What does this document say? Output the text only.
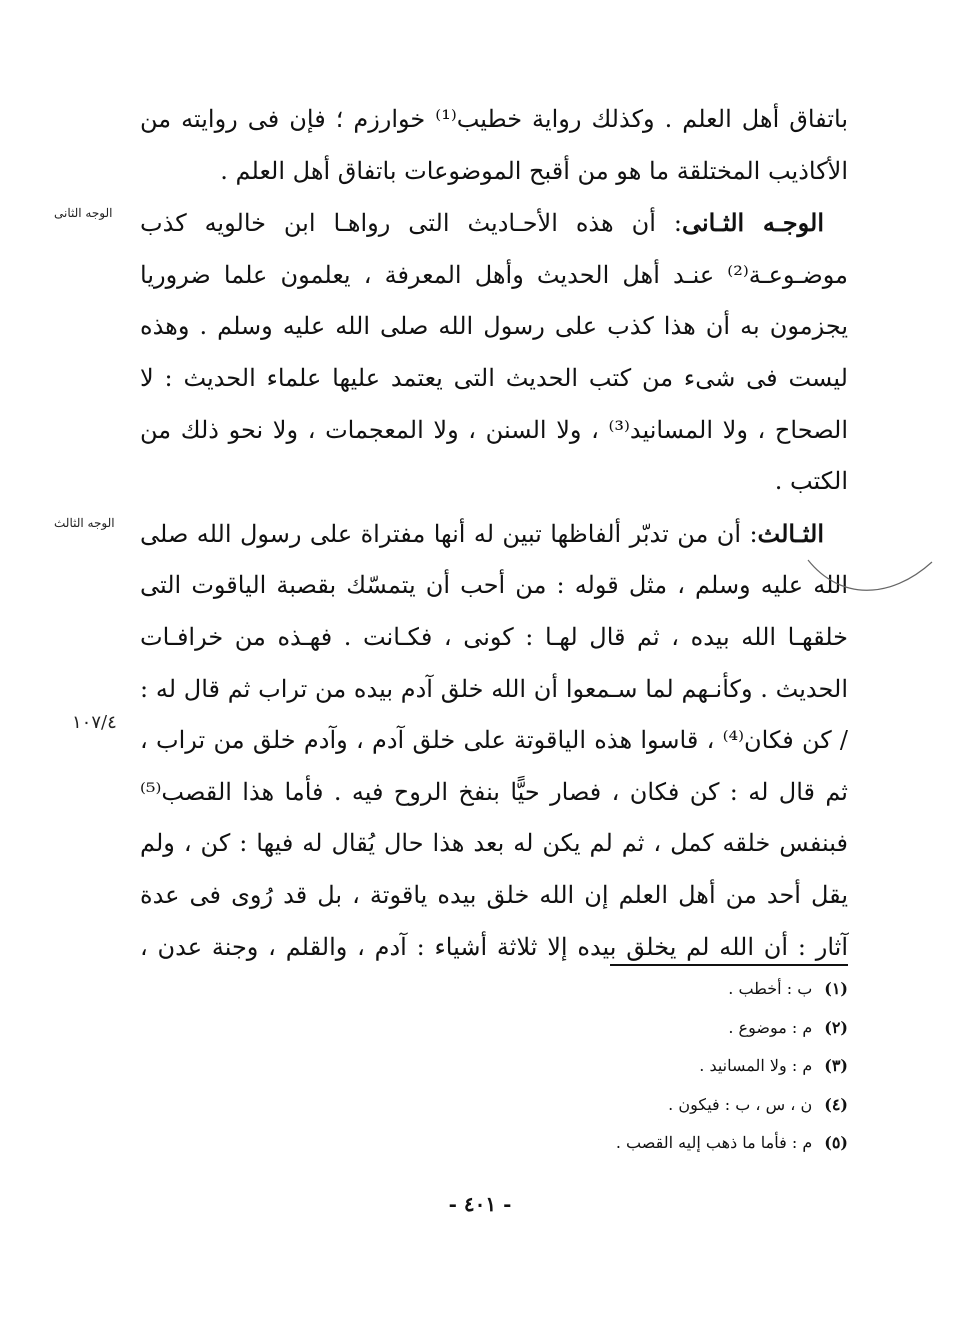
باتفاق أهل العلم . وكذلك رواية خطيب⁽¹⁾ خوارزم ؛ فإن فى روايته من
الأكاذيب المختلقة ما هو من أقبح الموضوعات باتفاق أهل العلم .

 الوجـه الثـانى: أن هذه الأحـاديث التى رواهـا ابن خالويه كذب
موضـوعـة⁽²⁾ عنـد أهل الحديث وأهل المعرفة ، يعلمون علما ضروريا
يجزمون به أن هذا كذب على رسول الله صلى الله عليه وسلم . وهذه
ليست فى شىء من كتب الحديث التى يعتمد عليها علماء الحديث : لا
الصحاح ، ولا المسانيد⁽³⁾ ، ولا السنن ، ولا المعجمات ، ولا نحو ذلك من
الكتب .

 الثـالث: أن من تدبّر ألفاظها تبين له أنها مفتراة على رسول الله صلى
الله عليه وسلم ، مثل قوله : من أحب أن يتمسّك بقصبة الياقوت التى
خلقهـا الله بيده ، ثم قال لهـا : كونى ، فكـانت . فهـذه من خرافـات
الحديث . وكأنـهم لما سـمعوا أن الله خلق آدم بيده من تراب ثم قال له :
/ كن فكان⁽⁴⁾ ، قاسوا هذه الياقوتة على خلق آدم ، وآدم خلق من تراب ،
ثم قال له : كن فكان ، فصار حيًّا بنفخ الروح فيه . فأما هذا القصب⁽⁵⁾
فبنفس خلقه كمل ، ثم لم يكن له بعد هذا حال يُقال له فيها : كن ، ولم
يقل أحد من أهل العلم إن الله خلق بيده ياقوتة ، بل قد رُوى فى عدة
آثار : أن الله لم يخلق بيده إلا ثلاثة أشياء : آدم ، والقلم ، وجنة عدن ،

الوجه الثانى
الوجه الثالث
١٠٧/٤
(١)ب : أخطب .
(٢)م : موضوع .
(٣)م : ولا المسانيد .
(٤)ن ، س ، ب : فيكون .
(٥)م : فأما ما ذهب إليه القصب .
- ٤٠١ -
